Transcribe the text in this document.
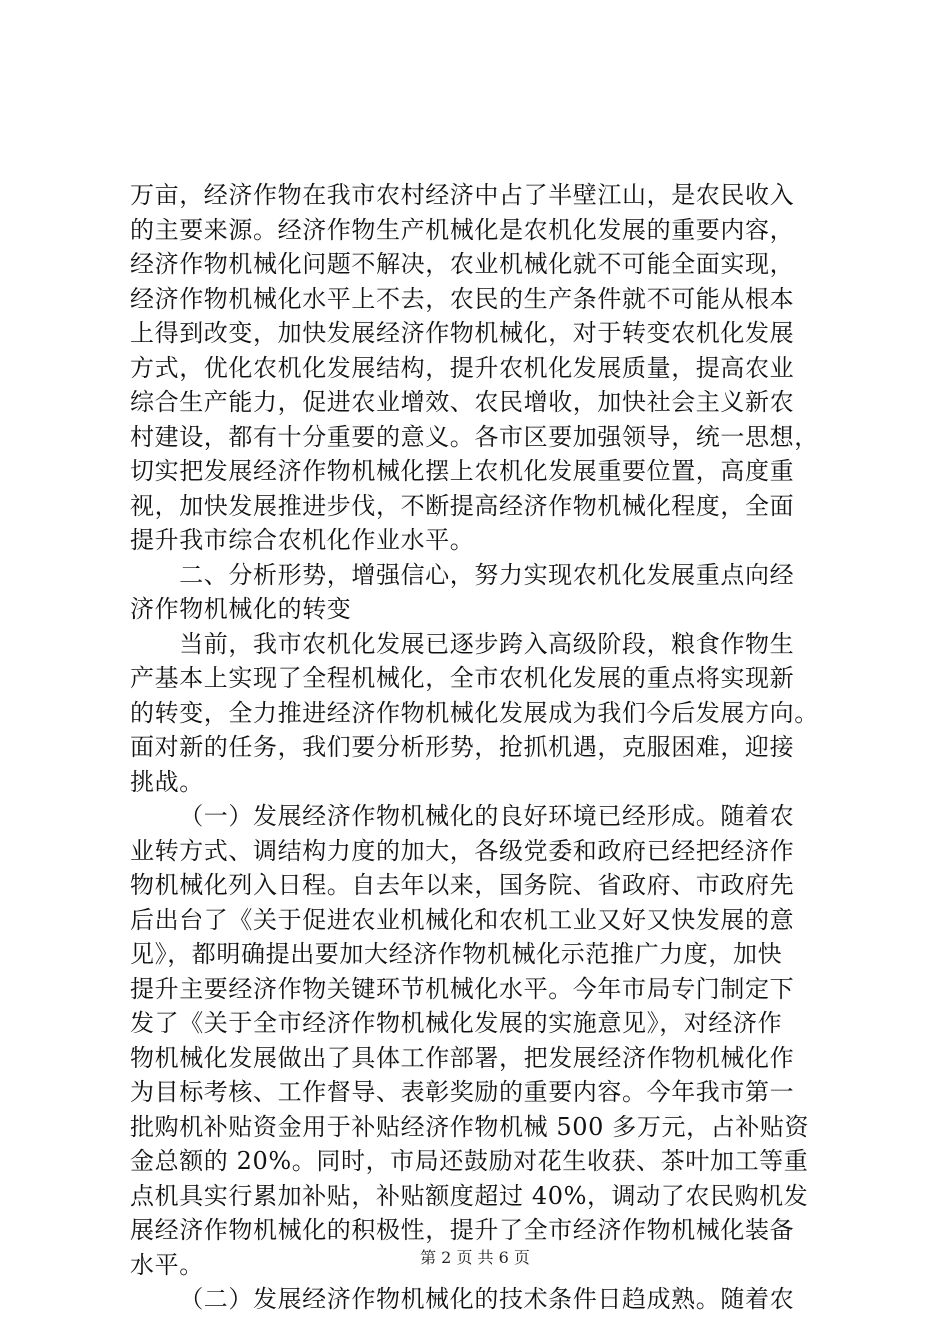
万亩，经济作物在我市农村经济中占了半壁江山，是农民收入
的主要来源。经济作物生产机械化是农机化发展的重要内容，
经济作物机械化问题不解决，农业机械化就不可能全面实现，
经济作物机械化水平上不去，农民的生产条件就不可能从根本
上得到改变，加快发展经济作物机械化，对于转变农机化发展
方式，优化农机化发展结构，提升农机化发展质量，提高农业
综合生产能力，促进农业增效、农民增收，加快社会主义新农
村建设，都有十分重要的意义。各市区要加强领导，统一思想，
切实把发展经济作物机械化摆上农机化发展重要位置，高度重
视，加快发展推进步伐，不断提高经济作物机械化程度，全面
提升我市综合农机化作业水平。
二、分析形势，增强信心，努力实现农机化发展重点向经
济作物机械化的转变
当前，我市农机化发展已逐步跨入高级阶段，粮食作物生
产基本上实现了全程机械化，全市农机化发展的重点将实现新
的转变，全力推进经济作物机械化发展成为我们今后发展方向。
面对新的任务，我们要分析形势，抢抓机遇，克服困难，迎接
挑战。
（一）发展经济作物机械化的良好环境已经形成。随着农
业转方式、调结构力度的加大，各级党委和政府已经把经济作
物机械化列入日程。自去年以来，国务院、省政府、市政府先
后出台了《关于促进农业机械化和农机工业又好又快发展的意
见》，都明确提出要加大经济作物机械化示范推广力度，加快
提升主要经济作物关键环节机械化水平。今年市局专门制定下
发了《关于全市经济作物机械化发展的实施意见》，对经济作
物机械化发展做出了具体工作部署，把发展经济作物机械化作
为目标考核、工作督导、表彰奖励的重要内容。今年我市第一
批购机补贴资金用于补贴经济作物机械 500 多万元，占补贴资
金总额的 20%。同时，市局还鼓励对花生收获、茶叶加工等重
点机具实行累加补贴，补贴额度超过 40%，调动了农民购机发
展经济作物机械化的积极性，提升了全市经济作物机械化装备
水平。
（二）发展经济作物机械化的技术条件日趋成熟。随着农
第 2 页 共 6 页
